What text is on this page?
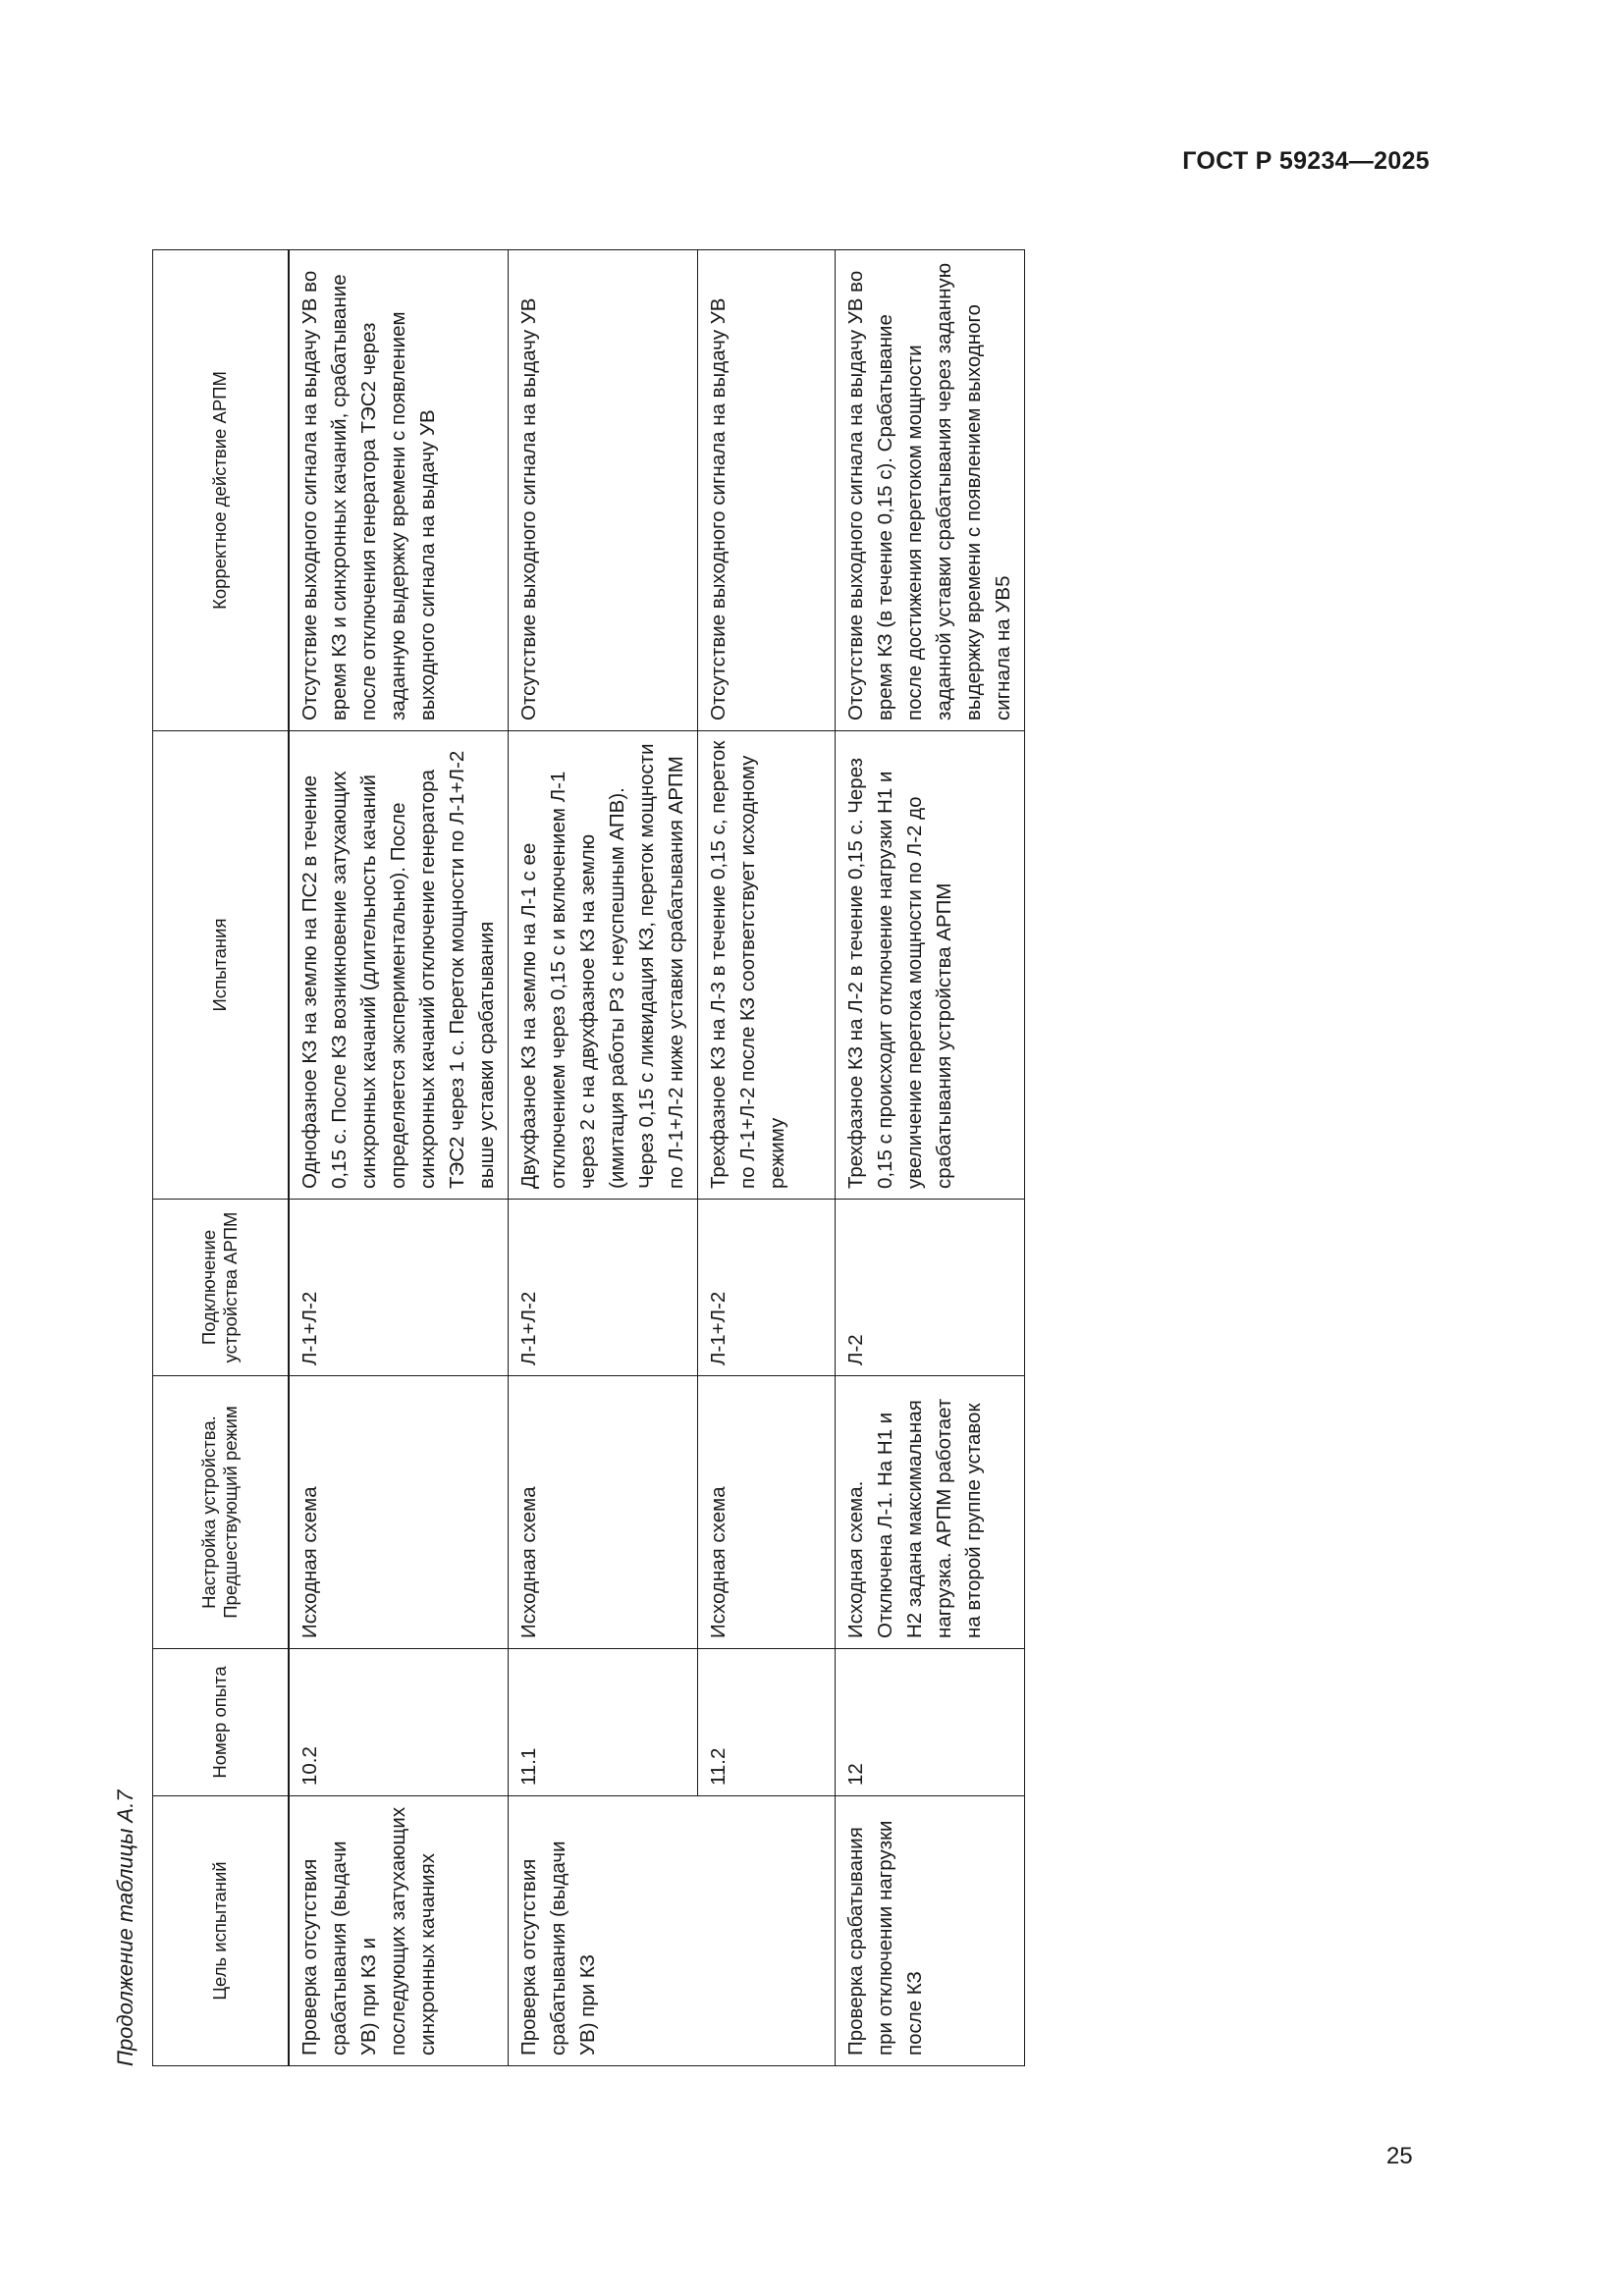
ГОСТ Р 59234—2025
Продолжение таблицы А.7	Цель испытаний	Номер опыта	Настройка устройства. Предшествующий режим	Подключение устройства АРПМ	Испытания	Корректное действие АРПМ
Проверка отсутствия срабатывания (выдачи УВ) при КЗ и последующих затухающих синхронных качаниях	10.2	Исходная схема	Л-1+Л-2	Однофазное КЗ на землю на ПС2 в течение 0,15 с. После КЗ возникновение затухающих синхронных качаний (длительность качаний определяется экспериментально). После синхронных качаний отключение генератора ТЭС2 через 1 с. Переток мощности по Л-1+Л-2 выше уставки срабатывания	Отсутствие выходного сигнала на выдачу УВ во время КЗ и синхронных качаний, срабатывание после отключения генератора ТЭС2 через заданную выдержку времени с появлением выходного сигнала на выдачу УВ
Проверка отсутствия срабатывания (выдачи УВ) при КЗ	11.1	Исходная схема	Л-1+Л-2	Двухфазное КЗ на землю на Л-1 с ее отключением через 0,15 с и включением Л-1 через 2 с на двухфазное КЗ на землю (имитация работы РЗ с неуспешным АПВ). Через 0,15 с ликвидация КЗ, переток мощности по Л-1+Л-2 ниже уставки срабатывания АРПМ	Отсутствие выходного сигнала на выдачу УВ
	11.2	Исходная схема	Л-1+Л-2	Трехфазное КЗ на Л-3 в течение 0,15 с, переток по Л-1+Л-2 после КЗ соответствует исходному режиму	Отсутствие выходного сигнала на выдачу УВ
Проверка срабатывания при отключении нагрузки после КЗ	12	Исходная схема. Отключена Л-1. На Н1 и Н2 задана максимальная нагрузка. АРПМ работает на второй группе уставок	Л-2	Трехфазное КЗ на Л-2 в течение 0,15 с. Через 0,15 с происходит отключение нагрузки Н1 и увеличение перетока мощности по Л-2 до срабатывания устройства АРПМ	Отсутствие выходного сигнала на выдачу УВ во время КЗ (в течение 0,15 с). Срабатывание после достижения перетоком мощности заданной уставки срабатывания через заданную выдержку времени с появлением выходного сигнала на УВ5
25
